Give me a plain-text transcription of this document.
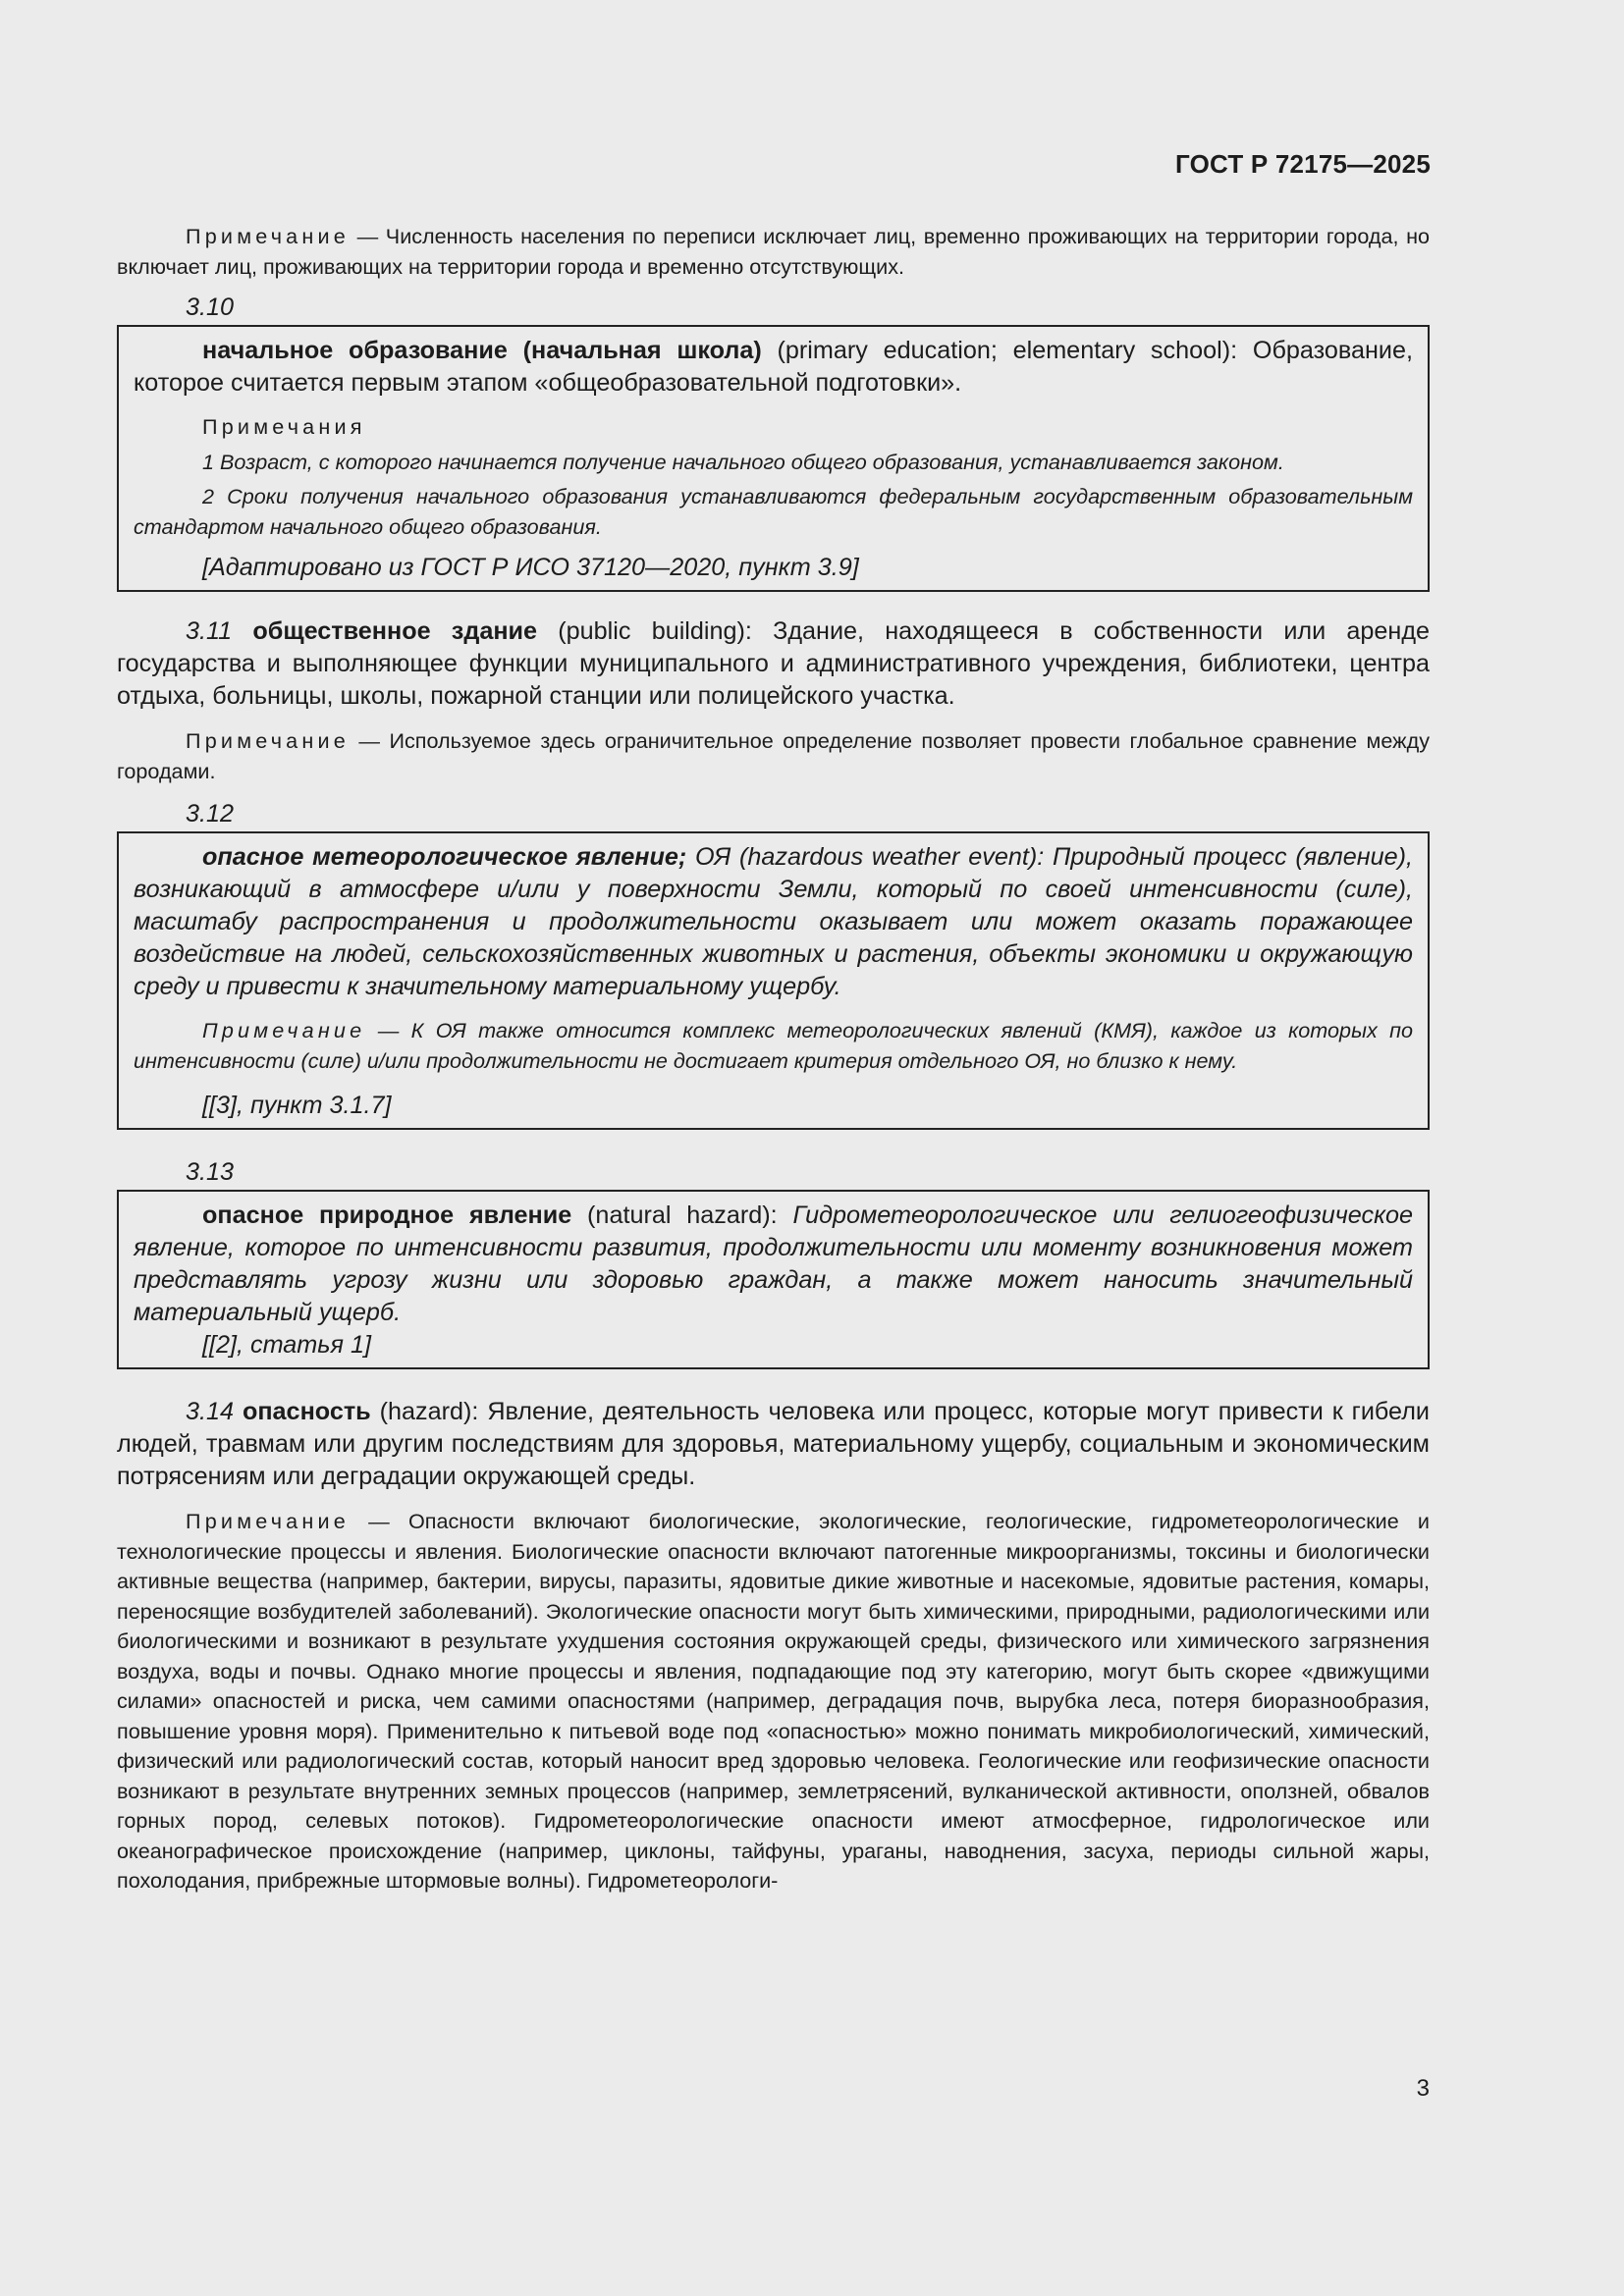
ГОСТ Р 72175—2025

Примечание — Численность населения по переписи исключает лиц, временно проживающих на территории города, но включает лиц, проживающих на территории города и временно отсутствующих.

3.10

начальное образование (начальная школа) (primary education; elementary school): Образование, которое считается первым этапом «общеобразовательной подготовки».

Примечания

1 Возраст, с которого начинается получение начального общего образования, устанавливается законом.

2 Сроки получения начального образования устанавливаются федеральным государственным образовательным стандартом начального общего образования.

[Адаптировано из ГОСТ Р ИСО 37120—2020, пункт 3.9]

3.11 общественное здание (public building): Здание, находящееся в собственности или аренде государства и выполняющее функции муниципального и административного учреждения, библиотеки, центра отдыха, больницы, школы, пожарной станции или полицейского участка.

Примечание — Используемое здесь ограничительное определение позволяет провести глобальное сравнение между городами.

3.12

опасное метеорологическое явление; ОЯ (hazardous weather event): Природный процесс (явление), возникающий в атмосфере и/или у поверхности Земли, который по своей интенсивности (силе), масштабу распространения и продолжительности оказывает или может оказать поражающее воздействие на людей, сельскохозяйственных животных и растения, объекты экономики и окружающую среду и привести к значительному материальному ущербу.

Примечание — К ОЯ также относится комплекс метеорологических явлений (КМЯ), каждое из которых по интенсивности (силе) и/или продолжительности не достигает критерия отдельного ОЯ, но близко к нему.

[[3], пункт 3.1.7]

3.13

опасное природное явление (natural hazard): Гидрометеорологическое или гелиогеофизическое явление, которое по интенсивности развития, продолжительности или моменту возникновения может представлять угрозу жизни или здоровью граждан, а также может наносить значительный материальный ущерб.

[[2], статья 1]

3.14 опасность (hazard): Явление, деятельность человека или процесс, которые могут привести к гибели людей, травмам или другим последствиям для здоровья, материальному ущербу, социальным и экономическим потрясениям или деградации окружающей среды.

Примечание — Опасности включают биологические, экологические, геологические, гидрометеорологические и технологические процессы и явления. Биологические опасности включают патогенные микроорганизмы, токсины и биологически активные вещества (например, бактерии, вирусы, паразиты, ядовитые дикие животные и насекомые, ядовитые растения, комары, переносящие возбудителей заболеваний). Экологические опасности могут быть химическими, природными, радиологическими или биологическими и возникают в результате ухудшения состояния окружающей среды, физического или химического загрязнения воздуха, воды и почвы. Однако многие процессы и явления, подпадающие под эту категорию, могут быть скорее «движущими силами» опасностей и риска, чем самими опасностями (например, деградация почв, вырубка леса, потеря биоразнообразия, повышение уровня моря). Применительно к питьевой воде под «опасностью» можно понимать микробиологический, химический, физический или радиологический состав, который наносит вред здоровью человека. Геологические или геофизические опасности возникают в результате внутренних земных процессов (например, землетрясений, вулканической активности, оползней, обвалов горных пород, селевых потоков). Гидрометеорологические опасности имеют атмосферное, гидрологическое или океанографическое происхождение (например, циклоны, тайфуны, ураганы, наводнения, засуха, периоды сильной жары, похолодания, прибрежные штормовые волны). Гидрометеорологи-

3
